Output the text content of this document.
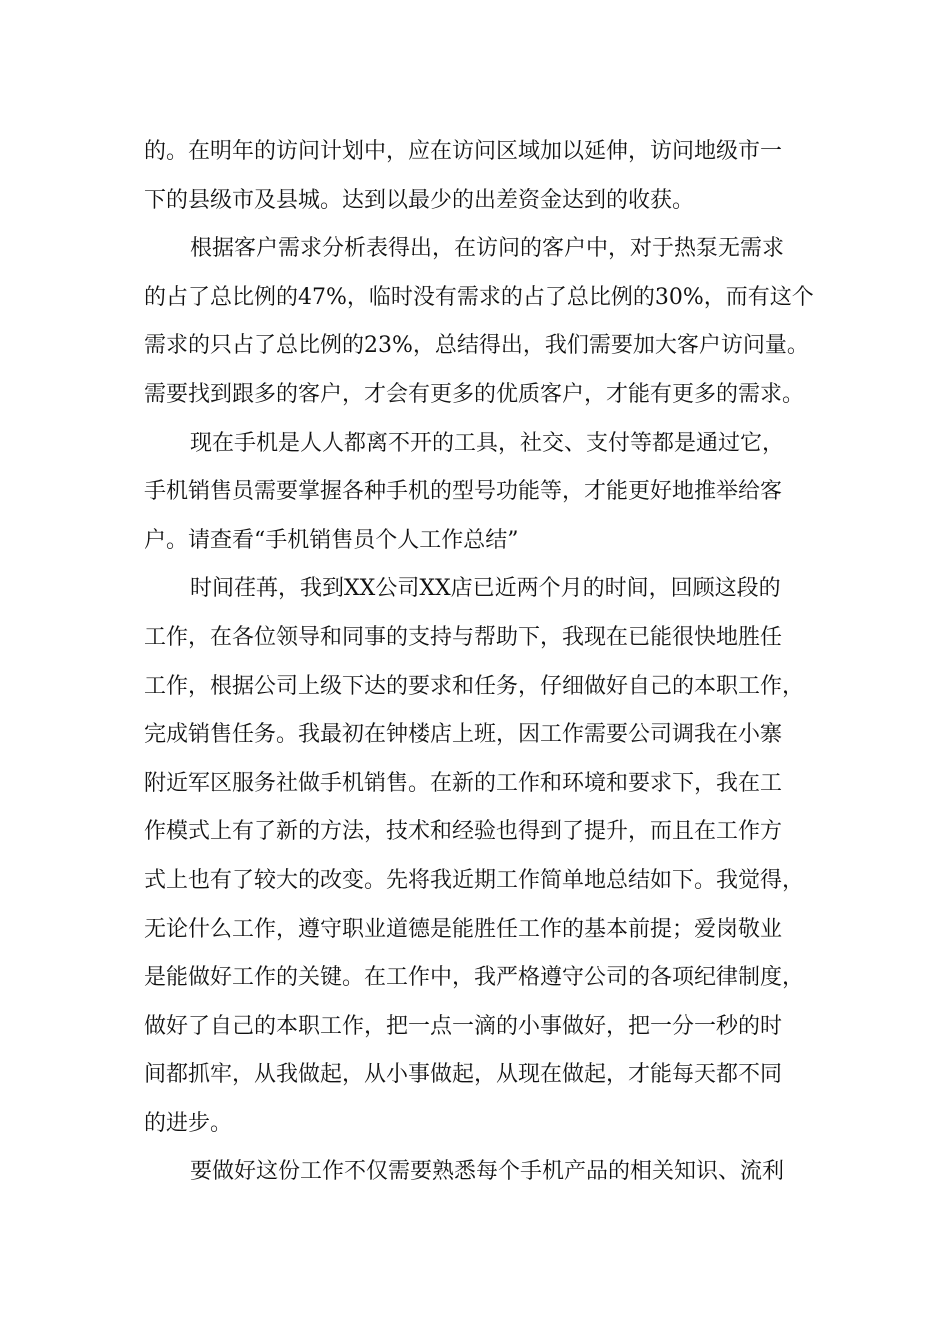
的。在明年的访问计划中，应在访问区域加以延伸，访问地级市一
下的县级市及县城。达到以最少的出差资金达到的收获。
根据客户需求分析表得出，在访问的客户中，对于热泵无需求
的占了总比例的47%，临时没有需求的占了总比例的30%，而有这个
需求的只占了总比例的23%，总结得出，我们需要加大客户访问量。
需要找到跟多的客户，才会有更多的优质客户，才能有更多的需求。
现在手机是人人都离不开的工具，社交、支付等都是通过它，
手机销售员需要掌握各种手机的型号功能等，才能更好地推举给客
户。请查看“手机销售员个人工作总结”
时间荏苒，我到XX公司XX店已近两个月的时间，回顾这段的
工作，在各位领导和同事的支持与帮助下，我现在已能很快地胜任
工作，根据公司上级下达的要求和任务，仔细做好自己的本职工作，
完成销售任务。我最初在钟楼店上班，因工作需要公司调我在小寨
附近军区服务社做手机销售。在新的工作和环境和要求下，我在工
作模式上有了新的方法，技术和经验也得到了提升，而且在工作方
式上也有了较大的改变。先将我近期工作简单地总结如下。我觉得，
无论什么工作，遵守职业道德是能胜任工作的基本前提；爱岗敬业
是能做好工作的关键。在工作中，我严格遵守公司的各项纪律制度，
做好了自己的本职工作，把一点一滴的小事做好，把一分一秒的时
间都抓牢，从我做起，从小事做起，从现在做起，才能每天都不同
的进步。
要做好这份工作不仅需要熟悉每个手机产品的相关知识、流利
